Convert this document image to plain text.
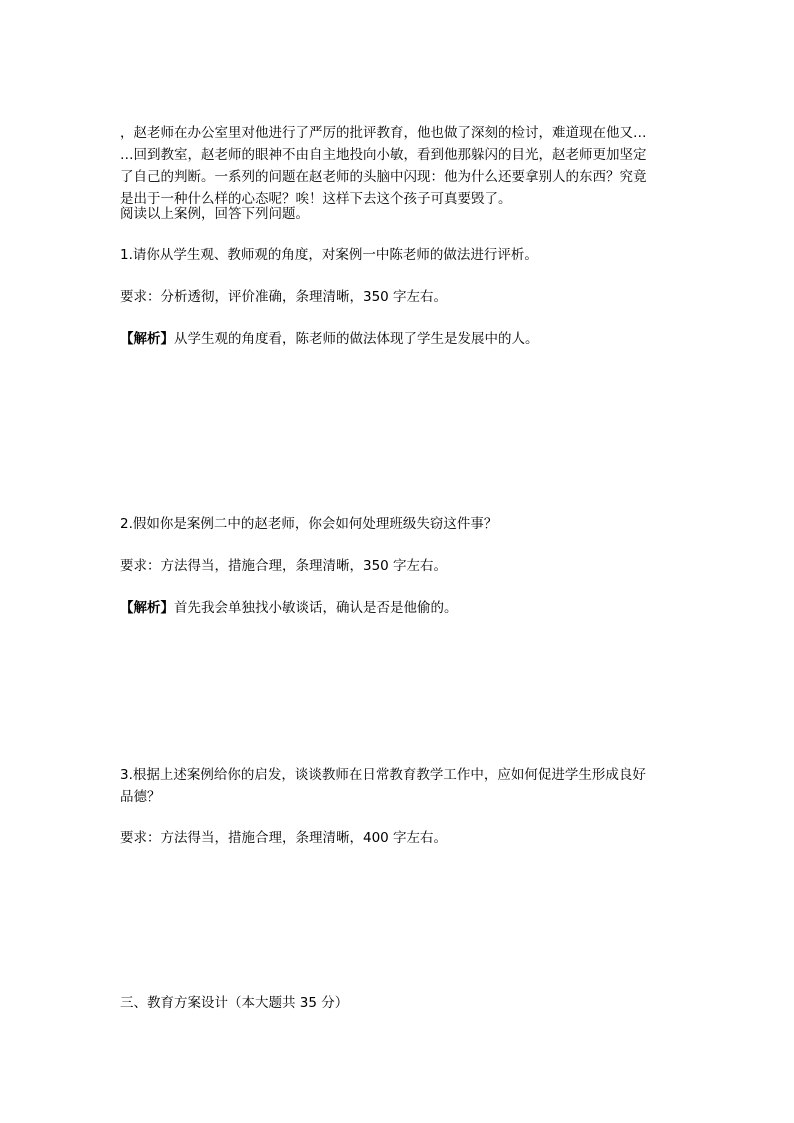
，赵老师在办公室里对他进行了严厉的批评教育，他也做了深刻的检讨，难道现在他又…

…回到教室，赵老师的眼神不由自主地投向小敏，看到他那躲闪的目光，赵老师更加坚定

了自己的判断。一系列的问题在赵老师的头脑中闪现：他为什么还要拿别人的东西？究竟

是出于一种什么样的心态呢？唉！这样下去这个孩子可真要毁了。

阅读以上案例，回答下列问题。

1.请你从学生观、教师观的角度，对案例一中陈老师的做法进行评析。

要求：分析透彻，评价准确，条理清晰，350 字左右。

【解析】从学生观的角度看，陈老师的做法体现了学生是发展中的人。

2.假如你是案例二中的赵老师，你会如何处理班级失窃这件事？

要求：方法得当，措施合理，条理清晰，350 字左右。

【解析】首先我会单独找小敏谈话，确认是否是他偷的。

3.根据上述案例给你的启发，谈谈教师在日常教育教学工作中，应如何促进学生形成良好

品德？

要求：方法得当，措施合理，条理清晰，400 字左右。

三、教育方案设计（本大题共 35 分）
